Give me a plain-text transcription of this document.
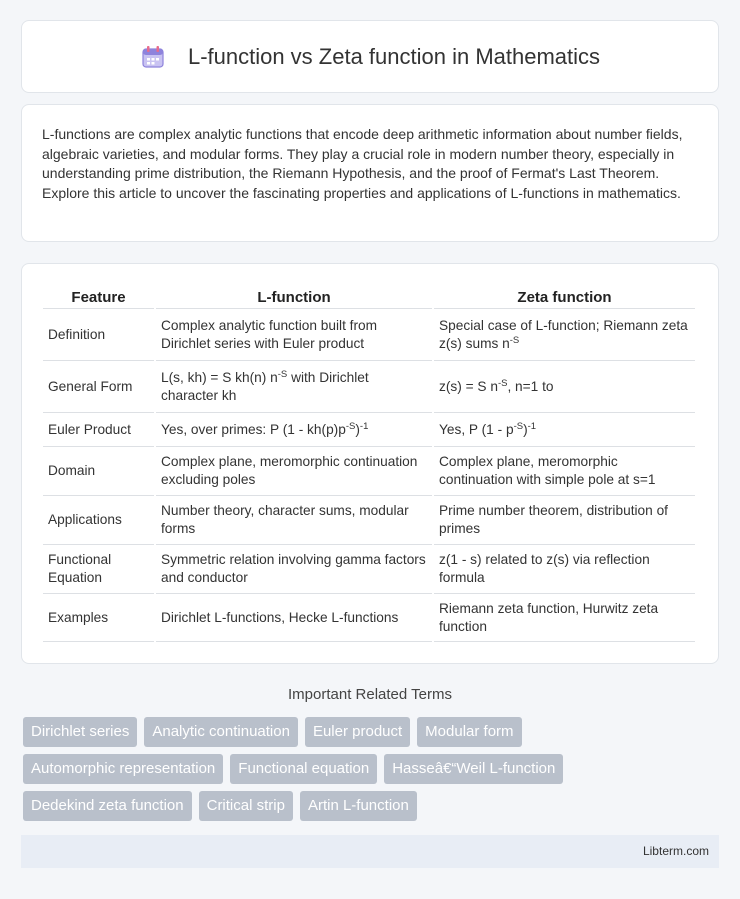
L-function vs Zeta function in Mathematics

L-functions are complex analytic functions that encode deep arithmetic information about number fields, algebraic varieties, and modular forms. They play a crucial role in modern number theory, especially in understanding prime distribution, the Riemann Hypothesis, and the proof of Fermat's Last Theorem. Explore this article to uncover the fascinating properties and applications of L-functions in mathematics.

Feature	L-function	Zeta function
Definition	Complex analytic function built from Dirichlet series with Euler product	Special case of L-function; Riemann zeta z(s) sums $n^{-S}$
General Form	L(s, kh) = S kh(n) $n^{-S}$ with Dirichlet character kh	z(s) = S $n^{-S}$, n=1 to
Euler Product	Yes, over primes: P $(1 - kh(p)p^{-S})^{-1}$	Yes, P $(1 - p^{-S})^{-1}$
Domain	Complex plane, meromorphic continuation excluding poles	Complex plane, meromorphic continuation with simple pole at s=1
Applications	Number theory, character sums, modular forms	Prime number theorem, distribution of primes
Functional Equation	Symmetric relation involving gamma factors and conductor	z(1 - s) related to z(s) via reflection formula
Examples	Dirichlet L-functions, Hecke L-functions	Riemann zeta function, Hurwitz zeta function
Important Related Terms
Dirichlet series	Analytic continuation	Euler product	Modular form
Automorphic representation	Functional equation	Hasseâ€“Weil L-function
Dedekind zeta function	Critical strip	Artin L-function
Libterm.com
